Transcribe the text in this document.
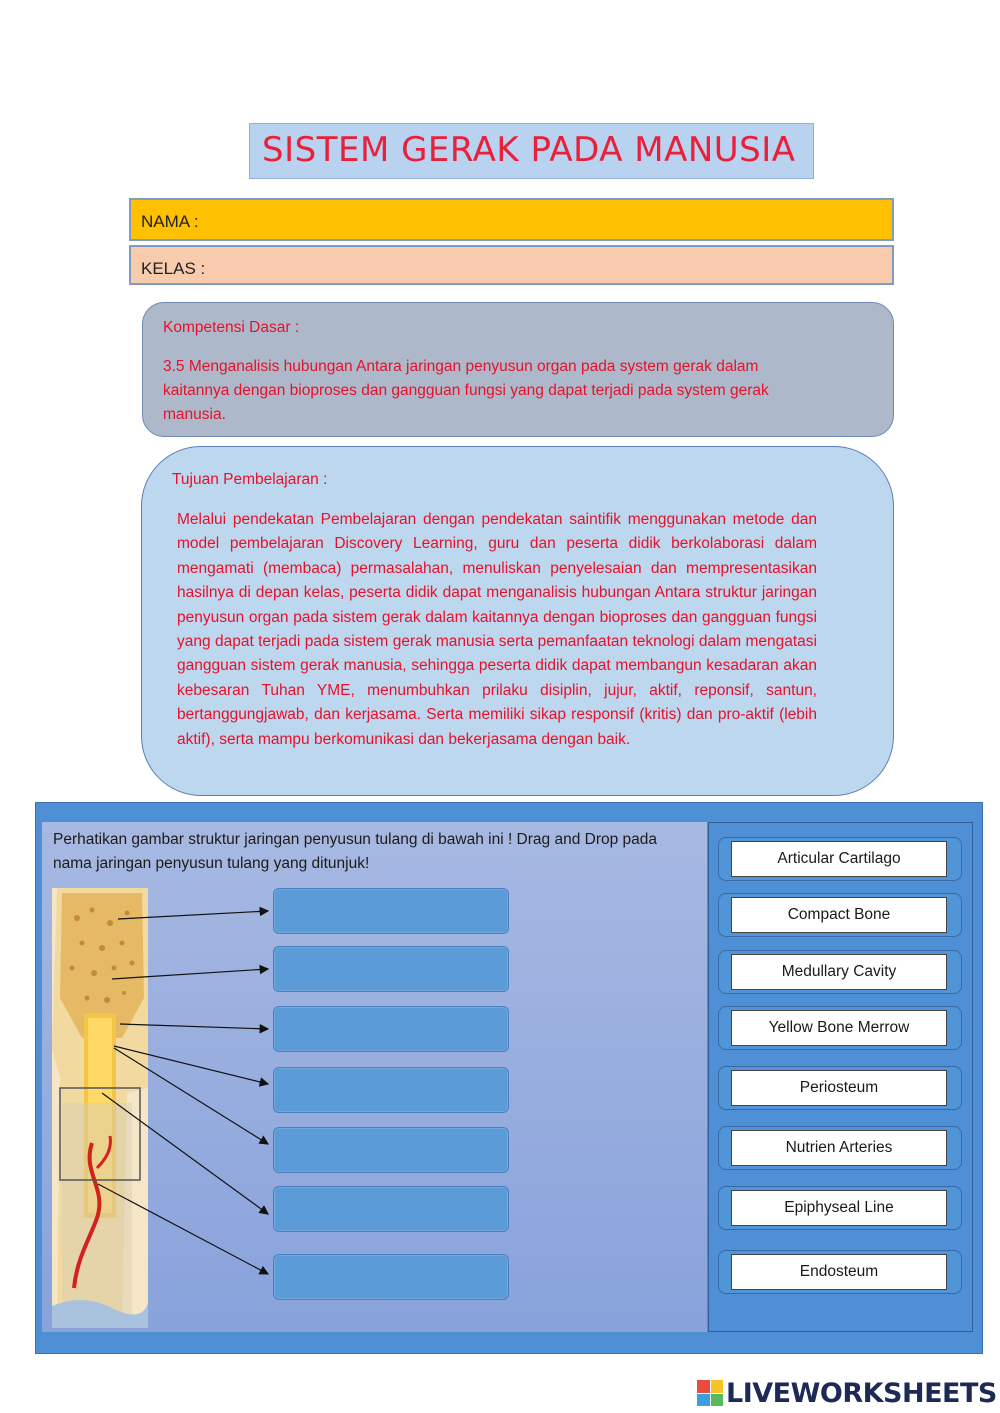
SISTEM GERAK PADA MANUSIA
NAMA :
KELAS :
Kompetensi Dasar :
3.5 Menganalisis hubungan Antara jaringan penyusun organ pada system gerak dalam kaitannya dengan bioproses dan gangguan fungsi yang dapat terjadi pada system gerak manusia.
Tujuan Pembelajaran :
Melalui pendekatan Pembelajaran dengan pendekatan saintifik menggunakan metode dan model pembelajaran Discovery Learning, guru dan peserta didik berkolaborasi dalam mengamati (membaca) permasalahan, menuliskan penyelesaian dan mempresentasikan hasilnya di depan kelas, peserta didik dapat menganalisis hubungan Antara struktur jaringan penyusun organ pada sistem gerak dalam kaitannya dengan bioproses dan gangguan fungsi yang dapat terjadi pada sistem gerak manusia serta pemanfaatan teknologi dalam mengatasi gangguan sistem gerak manusia, sehingga peserta didik dapat membangun kesadaran akan kebesaran Tuhan YME, menumbuhkan prilaku disiplin, jujur, aktif, reponsif, santun, bertanggungjawab, dan kerjasama. Serta memiliki sikap responsif (kritis) dan pro-aktif (lebih aktif), serta mampu berkomunikasi dan bekerjasama dengan baik.
Perhatikan gambar struktur jaringan penyusun tulang di bawah ini ! Drag and Drop pada nama jaringan penyusun tulang yang ditunjuk!	Articular Cartilago
Compact Bone
Medullary Cavity
Yellow Bone Merrow
Periosteum
Nutrien Arteries
Epiphyseal Line
Endosteum
LIVEWORKSHEETS
